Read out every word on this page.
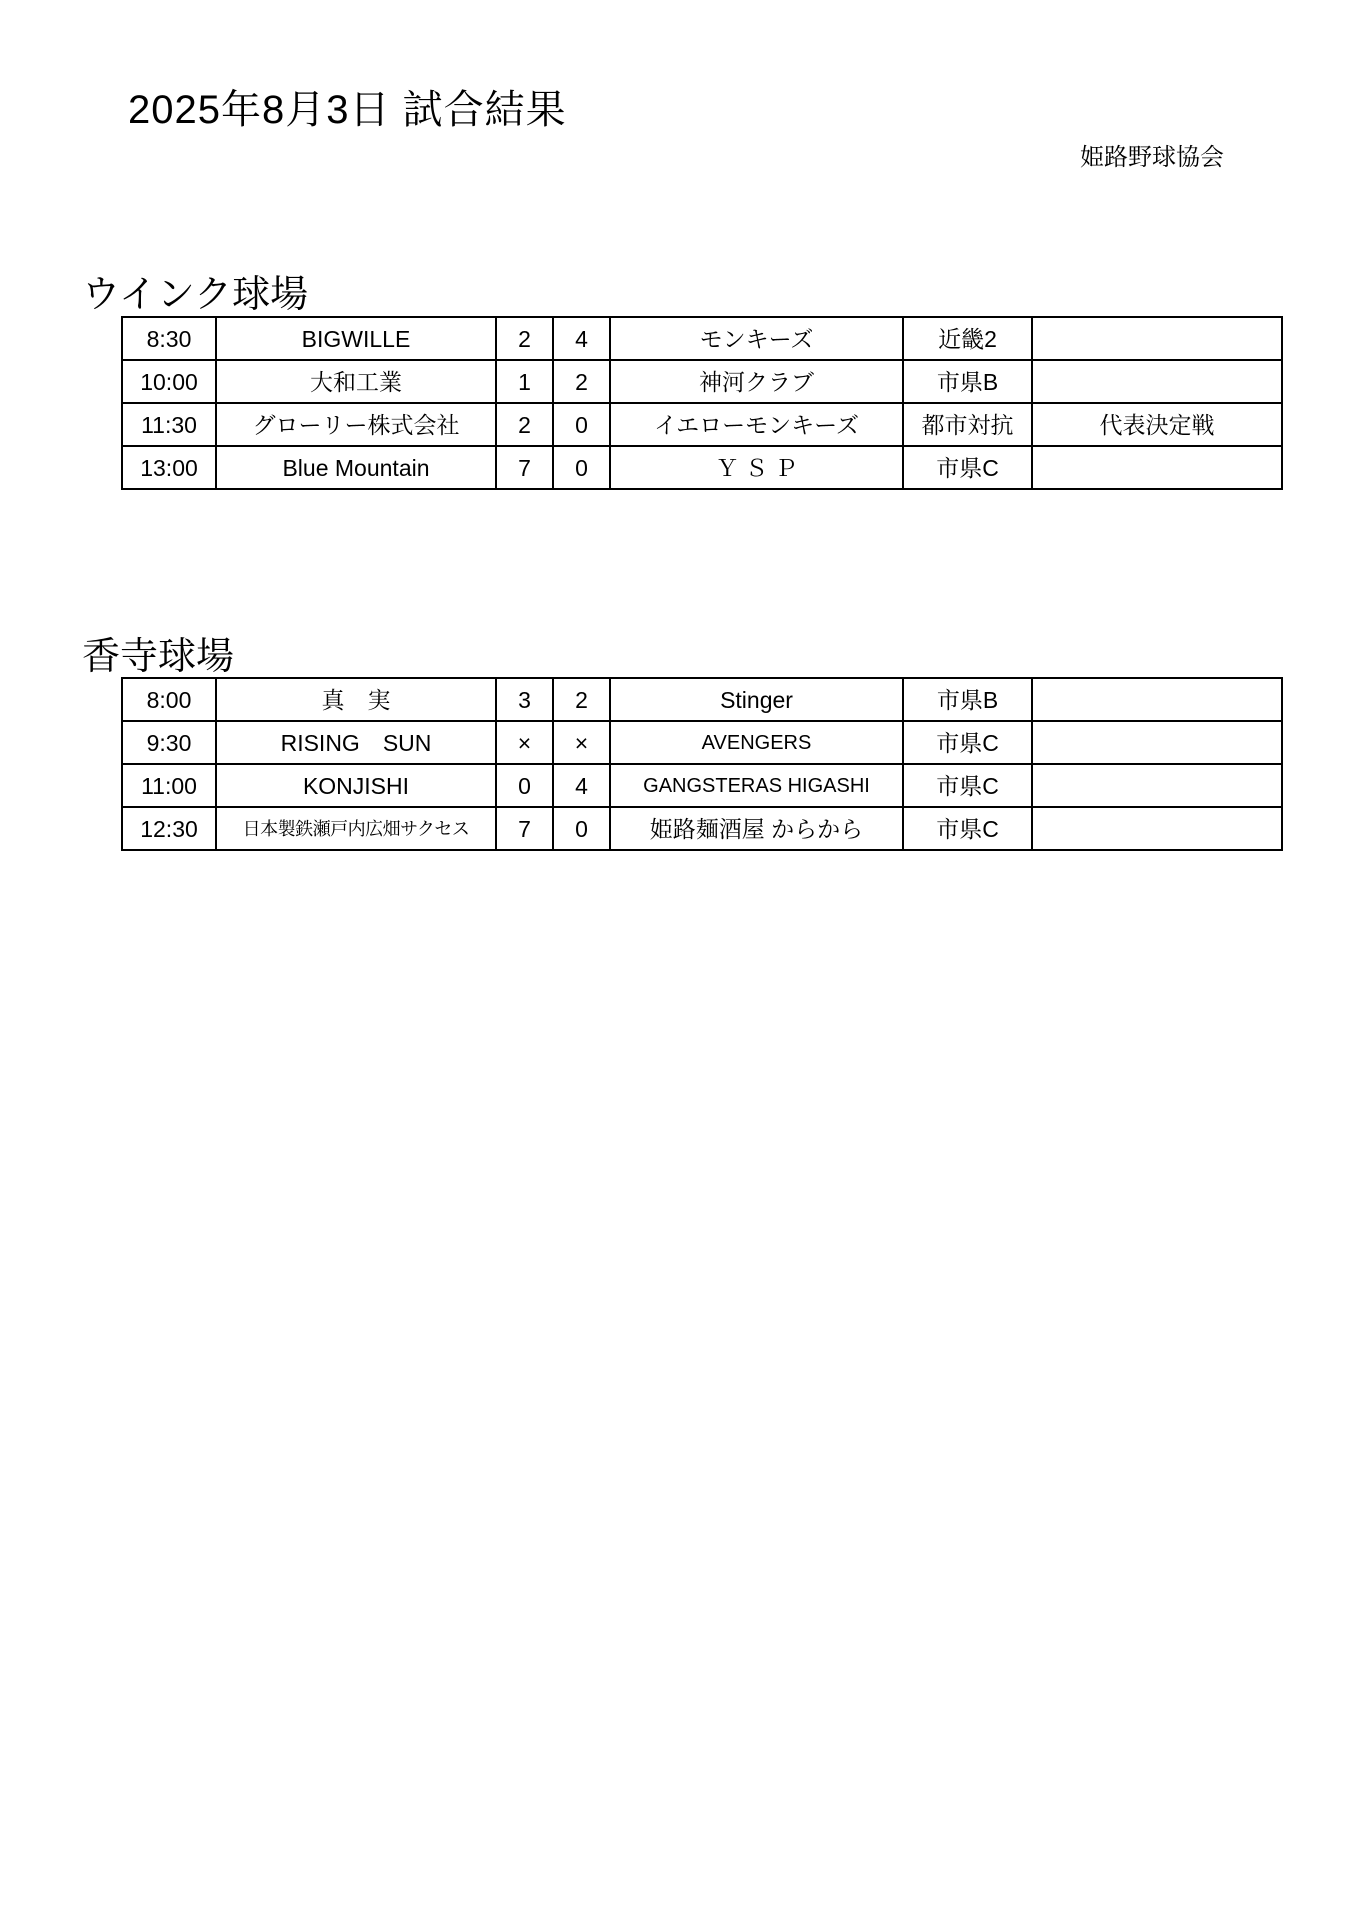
2025年8月3日 試合結果
姫路野球協会
ウインク球場
8:30	BIGWILLE	2	4	モンキーズ	近畿2	
10:00	大和工業	1	2	神河クラブ	市県B	
11:30	グローリー株式会社	2	0	イエローモンキーズ	都市対抗	代表決定戦
13:00	Blue Mountain	7	0	Ｙ Ｓ Ｐ	市県C	
香寺球場
8:00	真　実	3	2	Stinger	市県B	
9:30	RISING　SUN	×	×	AVENGERS	市県C	
11:00	KONJISHI	0	4	GANGSTERAS HIGASHI	市県C	
12:30	日本製鉄瀬戸内広畑サクセス	7	0	姫路麺酒屋 からから	市県C	
